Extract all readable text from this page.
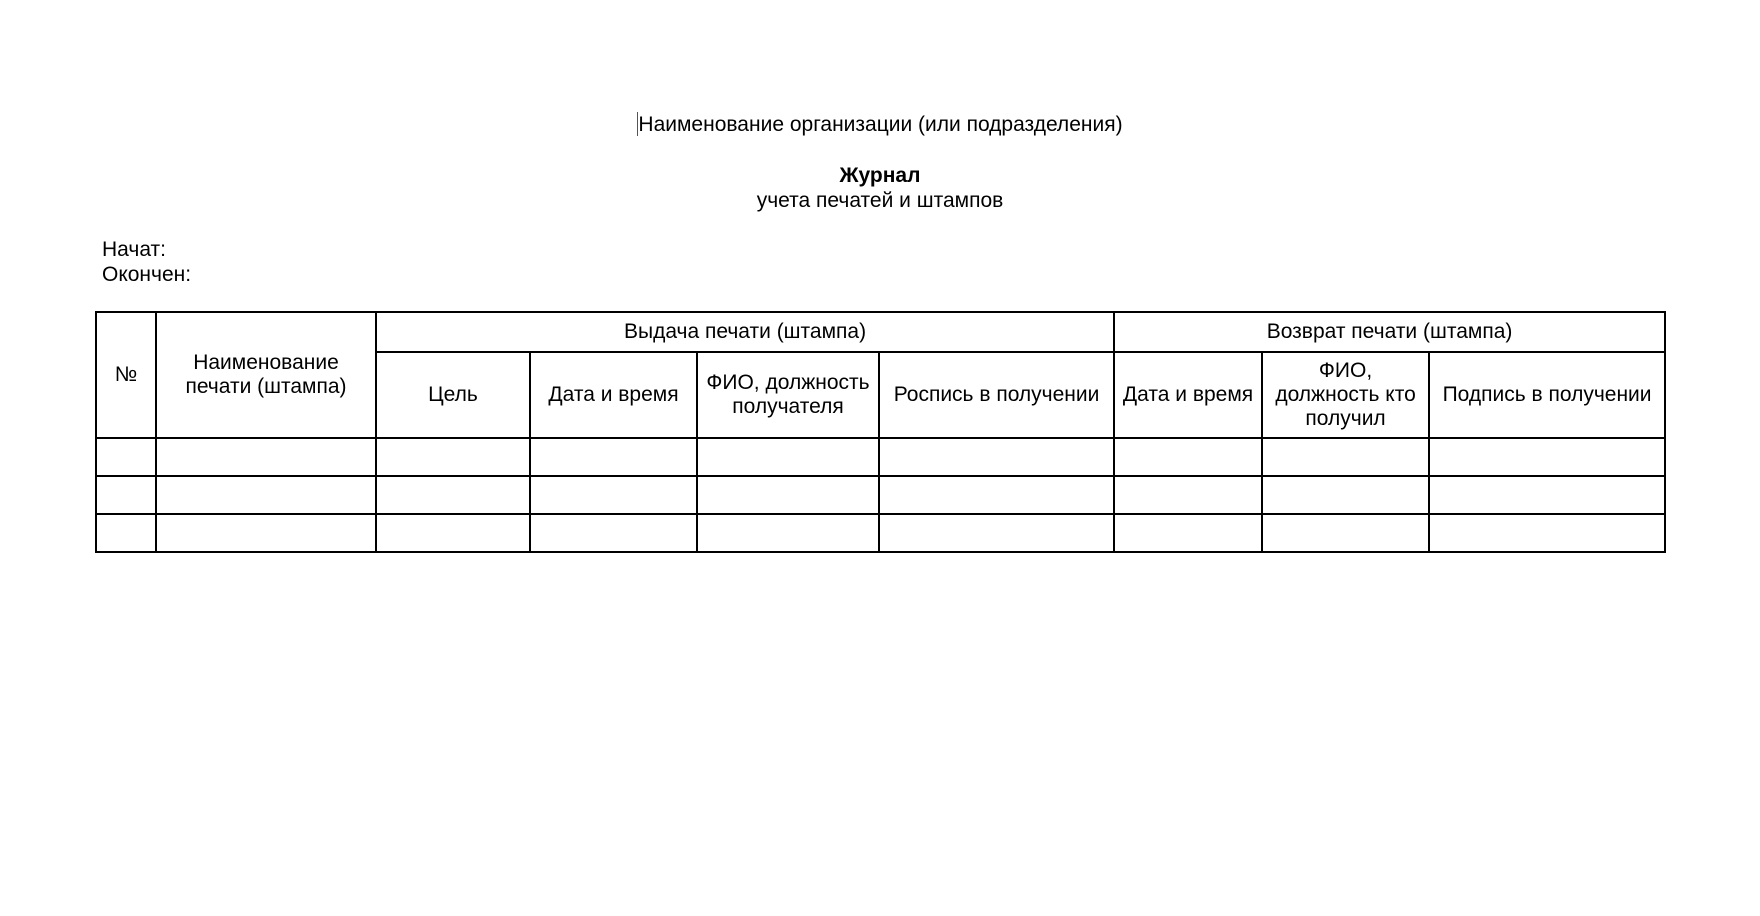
Наименование организации (или подразделения)
Журнал
учета печатей и штампов
Начат:
Окончен:
№	Наименование печати (штампа)	Выдача печати (штампа)				Возврат печати (штампа)		
		Цель	Дата и время	ФИО, должность получателя	Роспись в получении	Дата и время	ФИО, должность кто получил	Подпись в получении
